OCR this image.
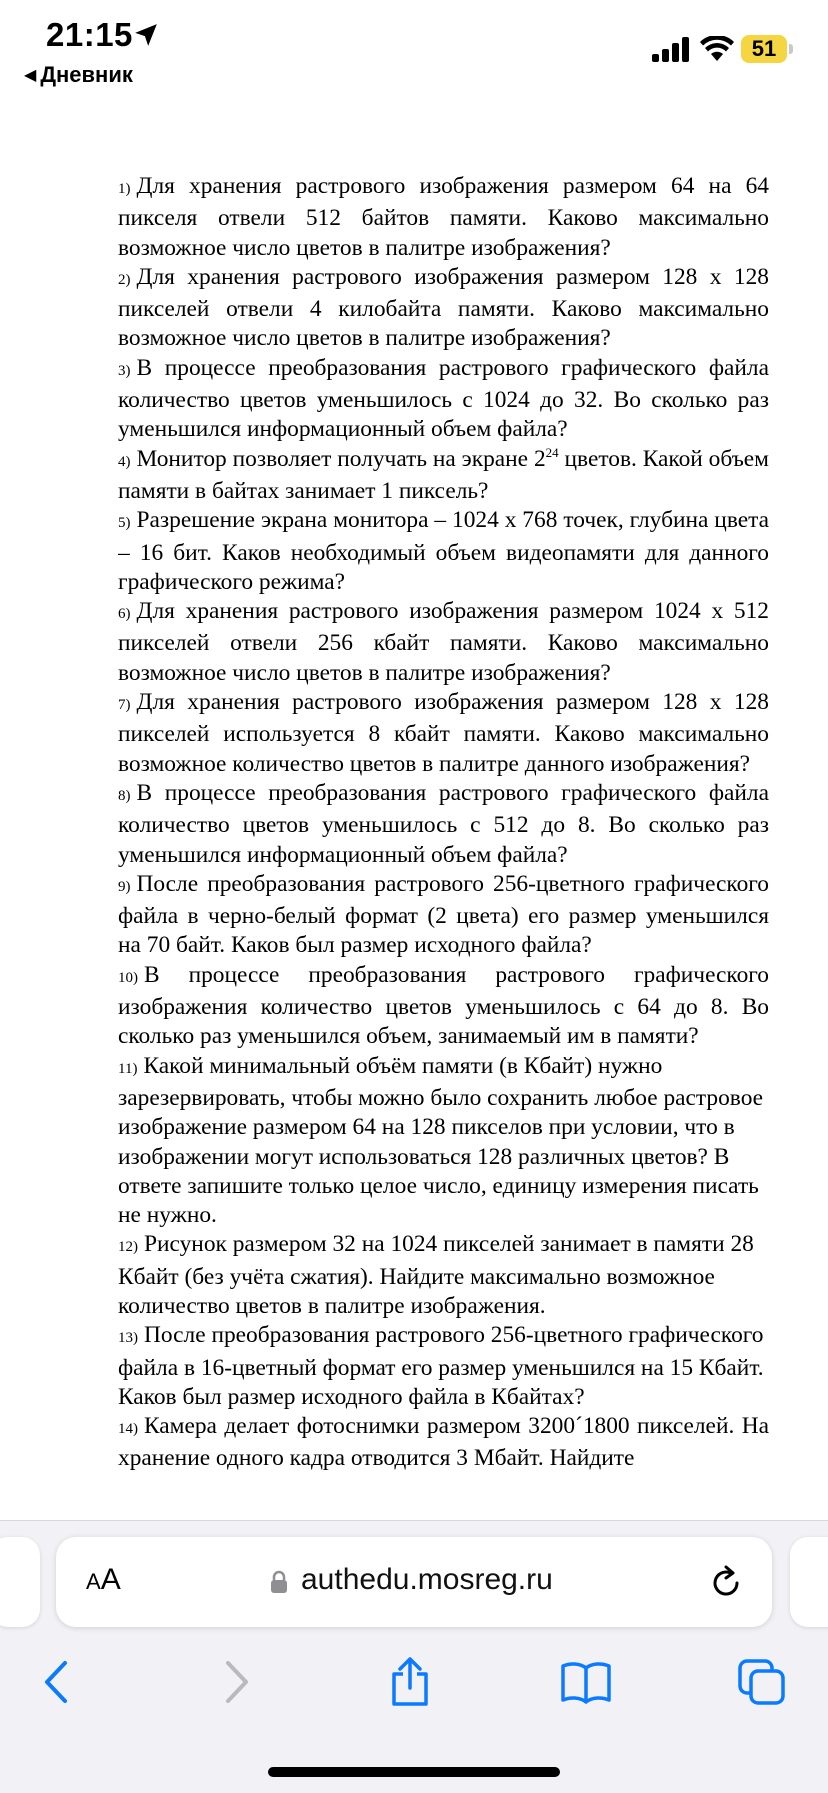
21:15
◀ Дневник
51

1) Для хранения растрового изображения размером 64 на 64 пикселя отвели 512 байтов памяти. Каково максимально возможное число цветов в палитре изображения?

2) Для хранения растрового изображения размером 128 x 128 пикселей отвели 4 килобайта памяти. Каково максимально возможное число цветов в палитре изображения?

3) В процессе преобразования растрового графического файла количество цветов уменьшилось с 1024 до 32. Во сколько раз уменьшился информационный объем файла?

4) Монитор позволяет получать на экране $2^{24}$ цветов. Какой объем памяти в байтах занимает 1 пиксель?

5) Разрешение экрана монитора – 1024 x 768 точек, глубина цвета – 16 бит. Каков необходимый объем видеопамяти для данного графического режима?

6) Для хранения растрового изображения размером 1024 x 512 пикселей отвели 256 кбайт памяти. Каково максимально возможное число цветов в палитре изображения?

7) Для хранения растрового изображения размером 128 x 128 пикселей используется 8 кбайт памяти. Каково максимально возможное количество цветов в палитре данного изображения?

8) В процессе преобразования растрового графического файла количество цветов уменьшилось с 512 до 8. Во сколько раз уменьшился информационный объем файла?

9) После преобразования растрового 256-цветного графического файла в черно-белый формат (2 цвета) его размер уменьшился на 70 байт. Каков был размер исходного файла?

10) В процессе преобразования растрового графического изображения количество цветов уменьшилось с 64 до 8. Во сколько раз уменьшился объем, занимаемый им в памяти?

11) Какой минимальный объём памяти (в Кбайт) нужно зарезервировать, чтобы можно было сохранить любое растровое изображение размером 64 на 128 пикселов при условии, что в изображении могут использоваться 128 различных цветов? В ответе запишите только целое число, единицу измерения писать не нужно.

12) Рисунок размером 32 на 1024 пикселей занимает в памяти 28 Кбайт (без учёта сжатия). Найдите максимально возможное количество цветов в палитре изображения.

13) После преобразования растрового 256-цветного графического файла в 16-цветный формат его размер уменьшился на 15 Кбайт. Каков был размер исходного файла в Кбайтах?

14) Камера делает фотоснимки размером 3200´1800 пикселей. На хранение одного кадра отводится 3 Мбайт. Найдите

AA	authedu.mosreg.ru
